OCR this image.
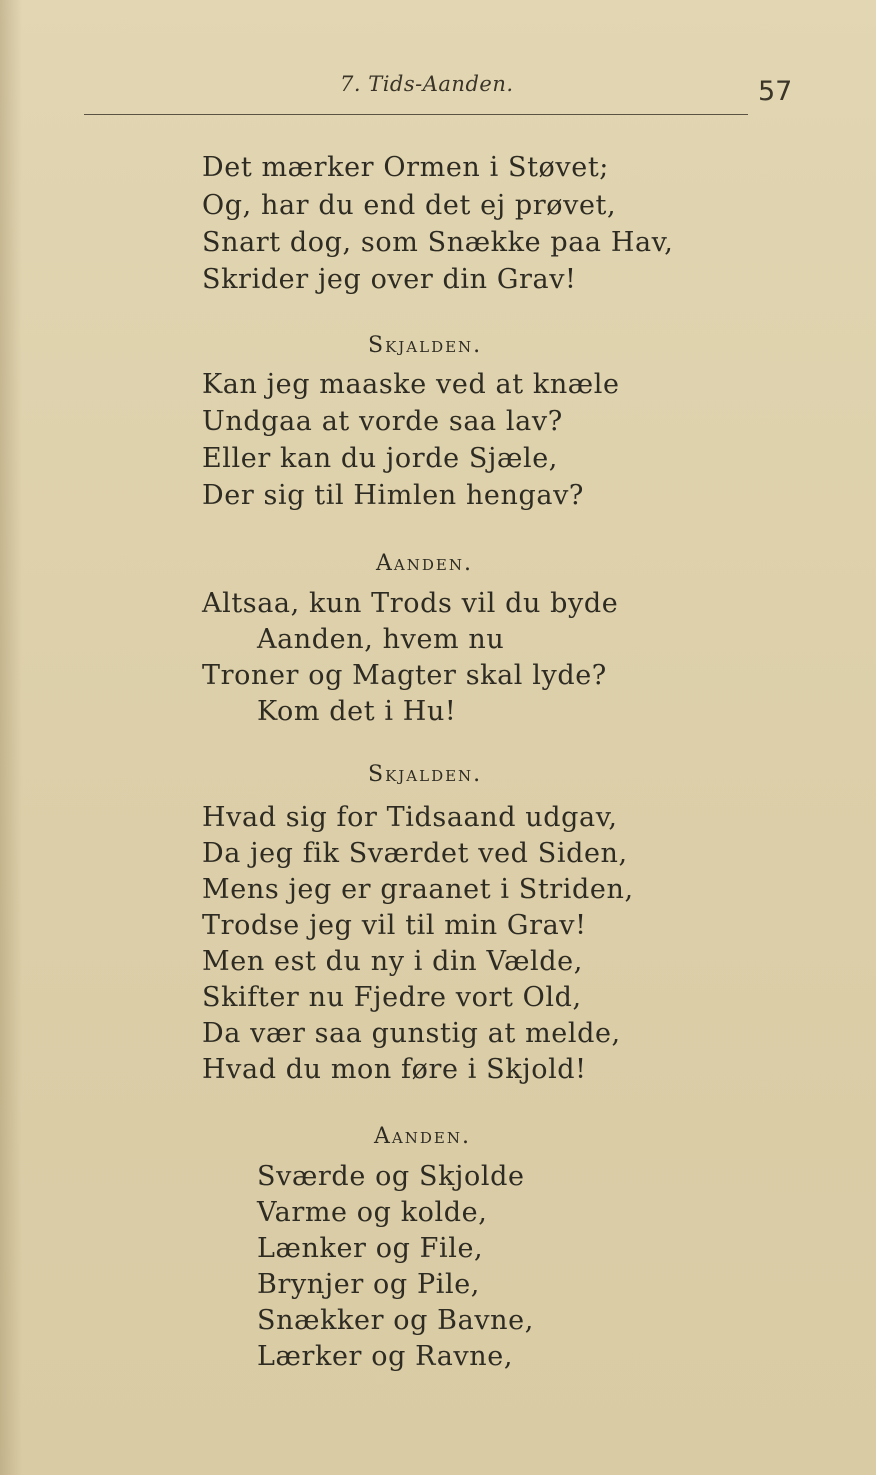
7. Tids-Aanden.	57
Det mærker Ormen i Støvet;
Og, har du end det ej prøvet,
Snart dog, som Snække paa Hav,
Skrider jeg over din Grav!
Skjalden.
Kan jeg maaske ved at knæle
Undgaa at vorde saa lav?
Eller kan du jorde Sjæle,
Der sig til Himlen hengav?
Aanden.
Altsaa, kun Trods vil du byde
Aanden, hvem nu
Troner og Magter skal lyde?
Kom det i Hu!
Skjalden.
Hvad sig for Tidsaand udgav,
Da jeg fik Sværdet ved Siden,
Mens jeg er graanet i Striden,
Trodse jeg vil til min Grav!
Men est du ny i din Vælde,
Skifter nu Fjedre vort Old,
Da vær saa gunstig at melde,
Hvad du mon føre i Skjold!
Aanden.
Sværde og Skjolde
Varme og kolde,
Lænker og File,
Brynjer og Pile,
Snækker og Bavne,
Lærker og Ravne,
